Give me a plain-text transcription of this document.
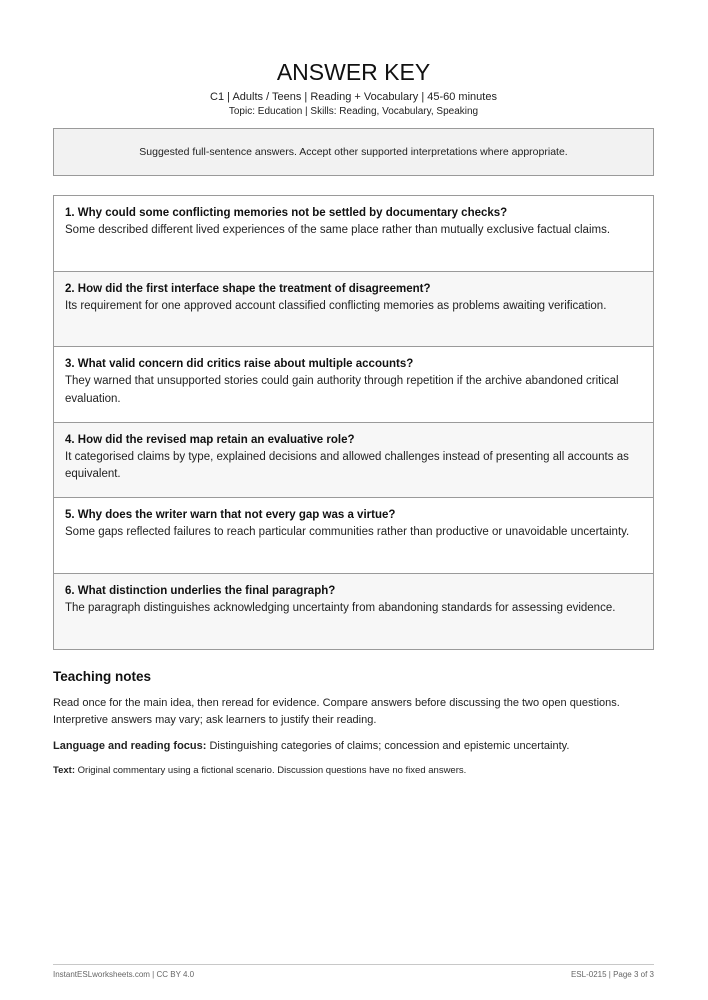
ANSWER KEY
C1 | Adults / Teens | Reading + Vocabulary | 45-60 minutes
Topic: Education | Skills: Reading, Vocabulary, Speaking
Suggested full-sentence answers. Accept other supported interpretations where appropriate.
1. Why could some conflicting memories not be settled by documentary checks?
Some described different lived experiences of the same place rather than mutually exclusive factual claims.
2. How did the first interface shape the treatment of disagreement?
Its requirement for one approved account classified conflicting memories as problems awaiting verification.
3. What valid concern did critics raise about multiple accounts?
They warned that unsupported stories could gain authority through repetition if the archive abandoned critical evaluation.
4. How did the revised map retain an evaluative role?
It categorised claims by type, explained decisions and allowed challenges instead of presenting all accounts as equivalent.
5. Why does the writer warn that not every gap was a virtue?
Some gaps reflected failures to reach particular communities rather than productive or unavoidable uncertainty.
6. What distinction underlies the final paragraph?
The paragraph distinguishes acknowledging uncertainty from abandoning standards for assessing evidence.
Teaching notes
Read once for the main idea, then reread for evidence. Compare answers before discussing the two open questions. Interpretive answers may vary; ask learners to justify their reading.
Language and reading focus: Distinguishing categories of claims; concession and epistemic uncertainty.
Text: Original commentary using a fictional scenario. Discussion questions have no fixed answers.
InstantESLworksheets.com | CC BY 4.0	ESL-0215 | Page 3 of 3
